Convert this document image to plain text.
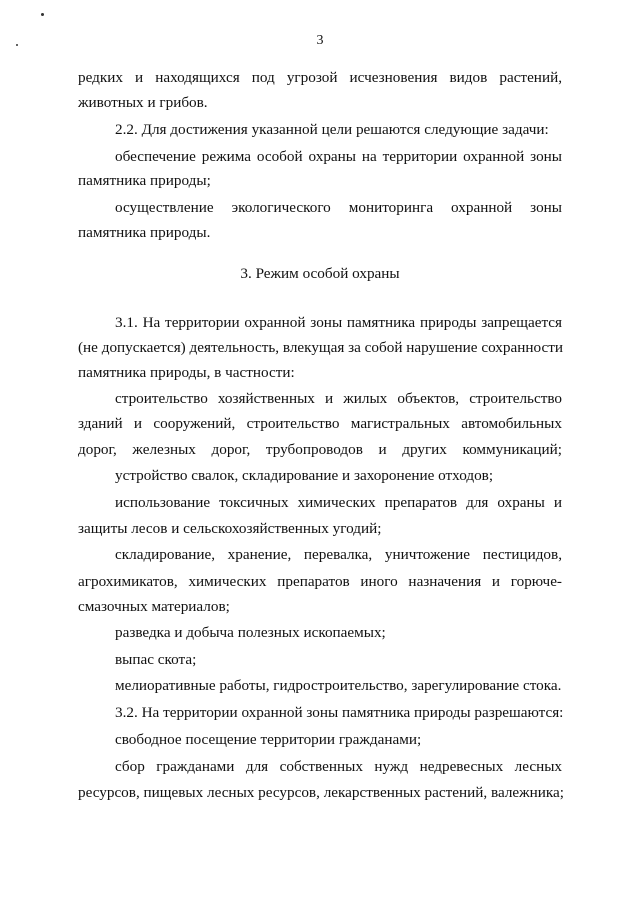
3

редких и находящихся под угрозой исчезновения видов растений,

животных и грибов.

2.2. Для достижения указанной цели решаются следующие задачи:

обеспечение режима особой охраны на территории охранной зоны

памятника природы;

осуществление экологического мониторинга охранной зоны

памятника природы.

3. Режим особой охраны

3.1. На территории охранной зоны памятника природы запрещается

(не допускается) деятельность, влекущая за собой нарушение сохранности

памятника природы, в частности:

строительство хозяйственных и жилых объектов, строительство

зданий и сооружений, строительство магистральных автомобильных

дорог, железных дорог, трубопроводов и других коммуникаций;

устройство свалок, складирование и захоронение отходов;

использование токсичных химических препаратов для охраны и

защиты лесов и сельскохозяйственных угодий;

складирование, хранение, перевалка, уничтожение пестицидов,

агрохимикатов, химических препаратов иного назначения и горюче-

смазочных материалов;

разведка и добыча полезных ископаемых;

выпас скота;

мелиоративные работы, гидростроительство, зарегулирование стока.

3.2. На территории охранной зоны памятника природы разрешаются:

свободное посещение территории гражданами;

сбор гражданами для собственных нужд недревесных лесных

ресурсов, пищевых лесных ресурсов, лекарственных растений, валежника;
